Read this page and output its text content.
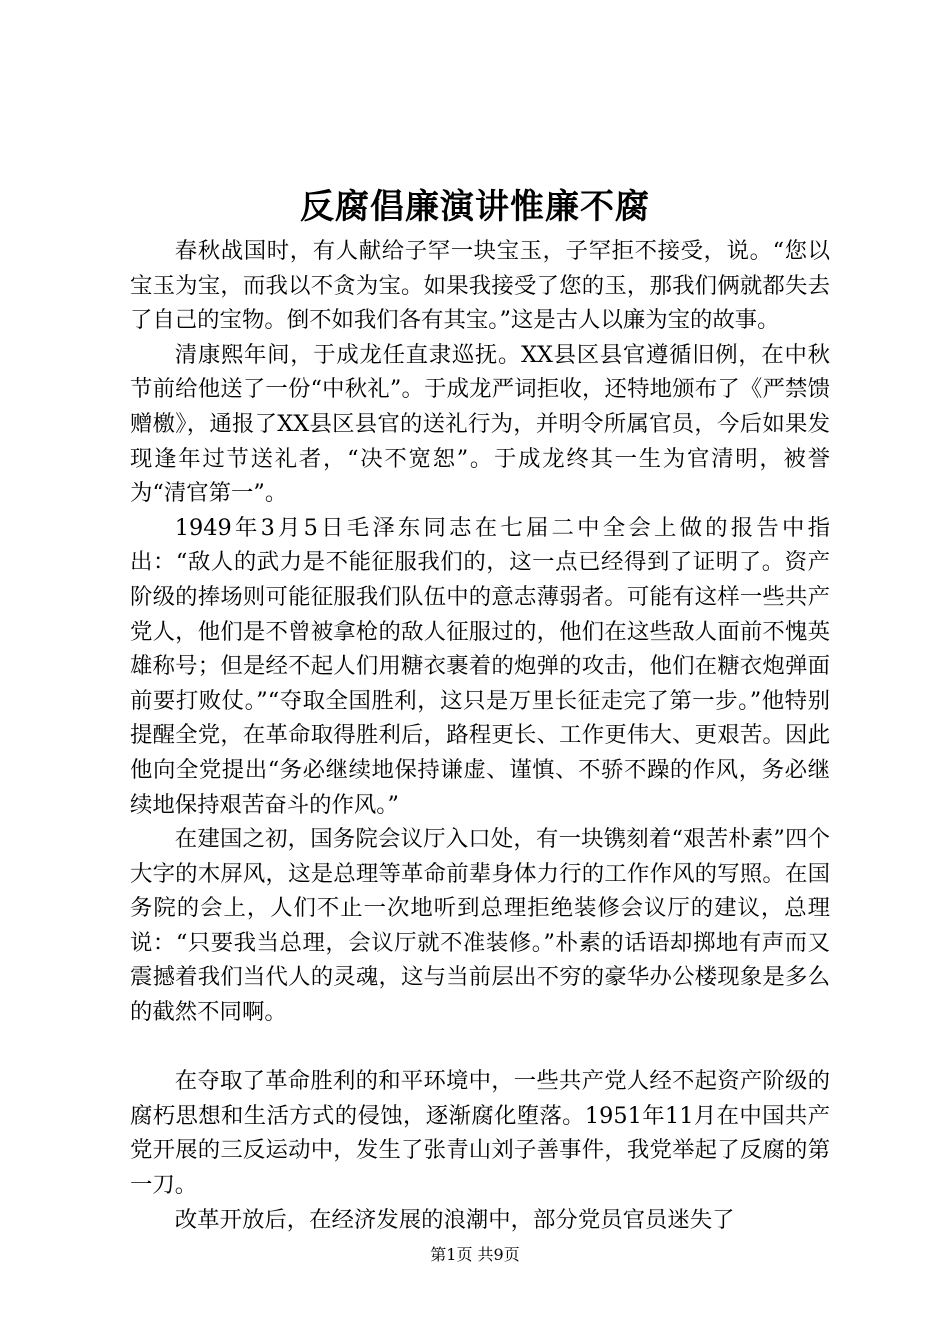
反腐倡廉演讲惟廉不腐

春秋战国时，有人献给子罕一块宝玉，子罕拒不接受，说。“您以宝玉为宝，而我以不贪为宝。如果我接受了您的玉，那我们俩就都失去了自己的宝物。倒不如我们各有其宝。”这是古人以廉为宝的故事。

清康熙年间，于成龙任直隶巡抚。XX县区县官遵循旧例，在中秋节前给他送了一份“中秋礼”。于成龙严词拒收，还特地颁布了《严禁馈赠檄》，通报了XX县区县官的送礼行为，并明令所属官员，今后如果发现逢年过节送礼者，“决不宽恕”。于成龙终其一生为官清明，被誉为“清官第一”。

1949年3月5日毛泽东同志在七届二中全会上做的报告中指出：“敌人的武力是不能征服我们的，这一点已经得到了证明了。资产阶级的捧场则可能征服我们队伍中的意志薄弱者。可能有这样一些共产党人，他们是不曾被拿枪的敌人征服过的，他们在这些敌人面前不愧英雄称号；但是经不起人们用糖衣裹着的炮弹的攻击，他们在糖衣炮弹面前要打败仗。”“夺取全国胜利，这只是万里长征走完了第一步。”他特别提醒全党，在革命取得胜利后，路程更长、工作更伟大、更艰苦。因此他向全党提出“务必继续地保持谦虚、谨慎、不骄不躁的作风，务必继续地保持艰苦奋斗的作风。”

在建国之初，国务院会议厅入口处，有一块镌刻着“艰苦朴素”四个大字的木屏风，这是总理等革命前辈身体力行的工作作风的写照。在国务院的会上，人们不止一次地听到总理拒绝装修会议厅的建议，总理说：“只要我当总理，会议厅就不准装修。”朴素的话语却掷地有声而又震撼着我们当代人的灵魂，这与当前层出不穷的豪华办公楼现象是多么的截然不同啊。

在夺取了革命胜利的和平环境中，一些共产党人经不起资产阶级的腐朽思想和生活方式的侵蚀，逐渐腐化堕落。1951年11月在中国共产党开展的三反运动中，发生了张青山刘子善事件，我党举起了反腐的第一刀。

改革开放后，在经济发展的浪潮中，部分党员官员迷失了

第1页 共9页
